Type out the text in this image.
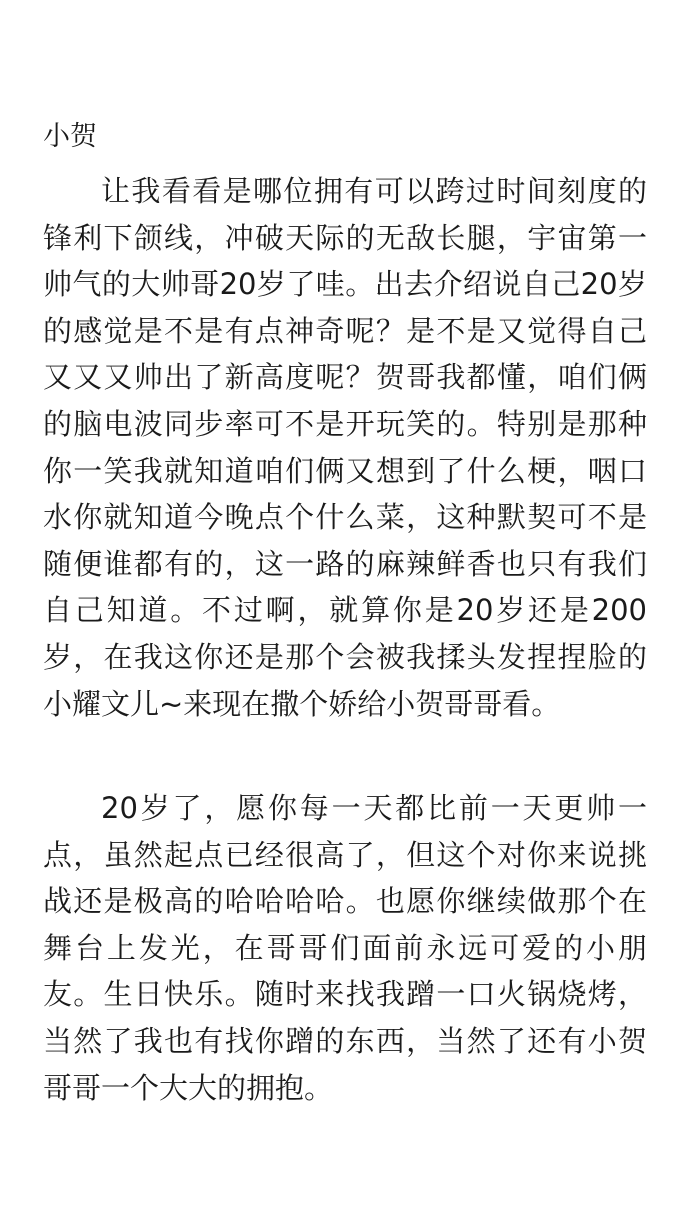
小贺

让我看看是哪位拥有可以跨过时间刻度的锋利下颌线，冲破天际的无敌长腿，宇宙第一帅气的大帅哥20岁了哇。出去介绍说自己20岁的感觉是不是有点神奇呢？是不是又觉得自己又又又帅出了新高度呢？贺哥我都懂，咱们俩的脑电波同步率可不是开玩笑的。特别是那种你一笑我就知道咱们俩又想到了什么梗，咽口水你就知道今晚点个什么菜，这种默契可不是随便谁都有的，这一路的麻辣鲜香也只有我们自己知道。不过啊，就算你是20岁还是200岁，在我这你还是那个会被我揉头发捏捏脸的小耀文儿~来现在撒个娇给小贺哥哥看。

20岁了，愿你每一天都比前一天更帅一点，虽然起点已经很高了，但这个对你来说挑战还是极高的哈哈哈哈。也愿你继续做那个在舞台上发光，在哥哥们面前永远可爱的小朋友。生日快乐。随时来找我蹭一口火锅烧烤，当然了我也有找你蹭的东西，当然了还有小贺哥哥一个大大的拥抱。
